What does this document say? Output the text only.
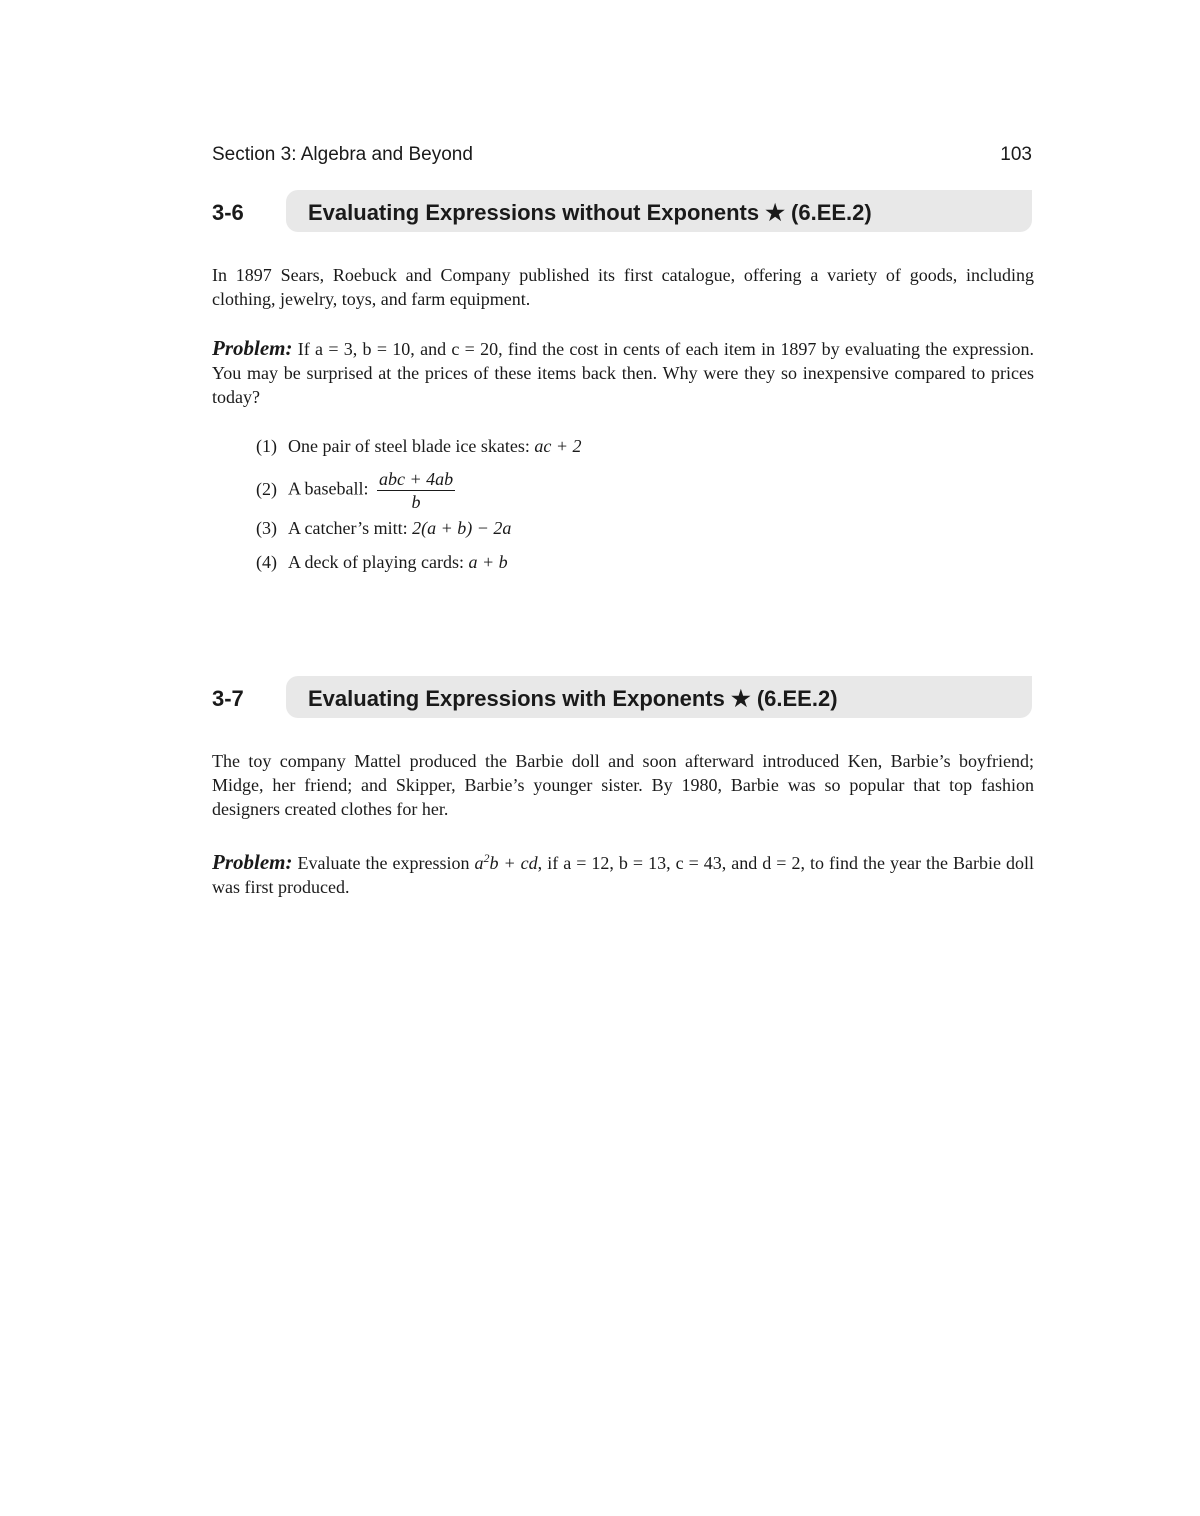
Section 3: Algebra and Beyond	103
3-6	Evaluating Expressions without Exponents ★ (6.EE.2)

In 1897 Sears, Roebuck and Company published its first catalogue, offering a variety of goods, including clothing, jewelry, toys, and farm equipment.

Problem: If a = 3, b = 10, and c = 20, find the cost in cents of each item in 1897 by evaluating the expression. You may be surprised at the prices of these items back then. Why were they so inexpensive compared to prices today?

(1) One pair of steel blade ice skates: ac + 2
(2) A baseball: $\frac{\text{abc + 4ab}}{b}$
(3) A catcher’s mitt: 2(a + b) − 2a
(4) A deck of playing cards: a + b
3-7	Evaluating Expressions with Exponents ★ (6.EE.2)

The toy company Mattel produced the Barbie doll and soon afterward introduced Ken, Barbie’s boyfriend; Midge, her friend; and Skipper, Barbie’s younger sister. By 1980, Barbie was so popular that top fashion designers created clothes for her.

Problem: Evaluate the expression $a^2b$ + cd, if a = 12, b = 13, c = 43, and d = 2, to find the year the Barbie doll was first produced.
